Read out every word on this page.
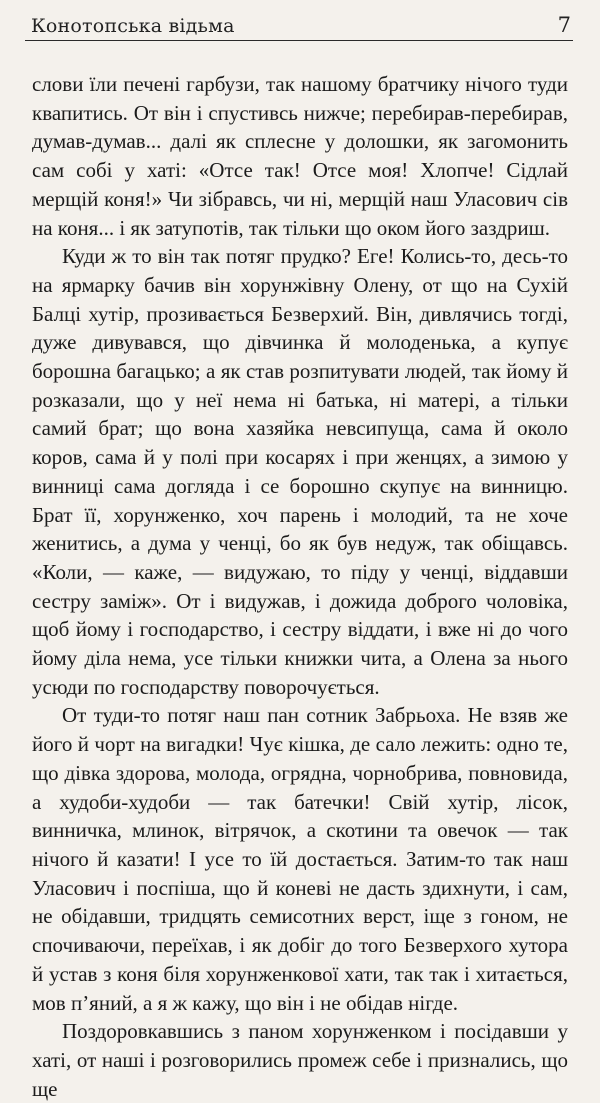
Конотопська відьма	7

слови їли печені гарбузи, так нашому братчику нічого туди квапитись. От він і спустивсь нижче; перебирав-перебирав, думав-думав... далі як сплесне у долошки, як загомонить сам собі у хаті: «Отсе так! Отсе моя! Хлопче! Сідлай мерщій коня!» Чи зібравсь, чи ні, мерщій наш Уласович сів на коня... і як затупотів, так тільки що оком його заздриш.

Куди ж то він так потяг прудко? Еге! Колись-то, десь-то на ярмарку бачив він хорунжівну Олену, от що на Сухій Балці хутір, прозивається Безверхий. Він, дивлячись тогді, дуже дивувався, що дівчинка й молоденька, а купує борошна багацько; а як став розпитувати людей, так йому й розказали, що у неї нема ні батька, ні матері, а тільки самий брат; що вона хазяйка невсипуща, сама й около коров, сама й у полі при косарях і при женцях, а зимою у винниці сама догляда і се борошно скупує на винницю. Брат її, хорунженко, хоч парень і молодий, та не хоче женитись, а дума у ченці, бо як був недуж, так обіщавсь. «Коли, — каже, — видужаю, то піду у ченці, віддавши сестру заміж». От і видужав, і дожида доброго чоловіка, щоб йому і господарство, і сестру віддати, і вже ні до чого йому діла нема, усе тільки книжки чита, а Олена за нього усюди по господарству поворочується.

От туди-то потяг наш пан сотник Забрьоха. Не взяв же його й чорт на вигадки! Чує кішка, де сало лежить: одно те, що дівка здорова, молода, огрядна, чорнобрива, повновида, а худоби-худоби — так батечки! Свій хутір, лісок, винничка, млинок, вітрячок, а скотини та овечок — так нічого й казати! І усе то їй достається. Затим-то так наш Уласович і поспіша, що й коневі не дасть здихнути, і сам, не обідавши, тридцять семисотних верст, іще з гоном, не спочиваючи, переїхав, і як добіг до того Безверхого хутора й устав з коня біля хорунженкової хати, так так і хитається, мов п’яний, а я ж кажу, що він і не обідав нігде.

Поздоровкавшись з паном хорунженком і посідавши у хаті, от наші і розговорились промеж себе і признались, що ще
